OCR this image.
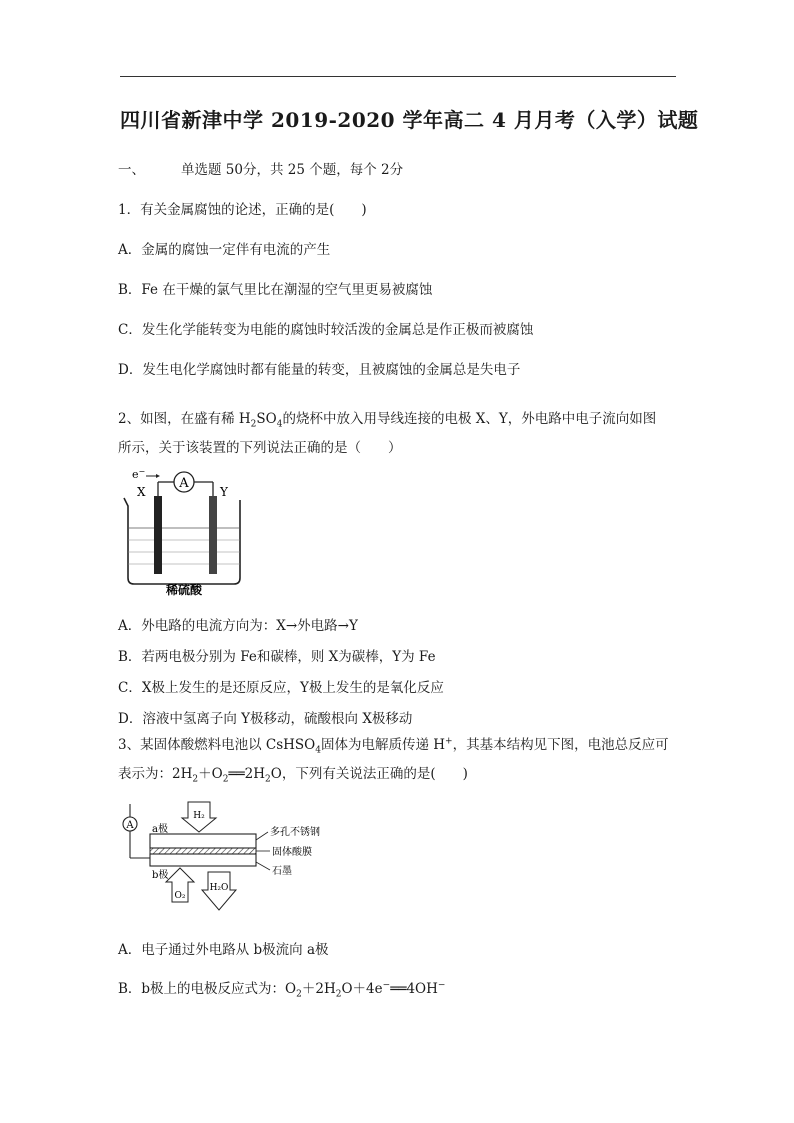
四川省新津中学 2019-2020 学年高二 4 月月考（入学）试题
一、	单选题 50分，共 25 个题，每个 2分
1．有关金属腐蚀的论述，正确的是(　　)
A．金属的腐蚀一定伴有电流的产生
B．Fe 在干燥的氯气里比在潮湿的空气里更易被腐蚀
C．发生化学能转变为电能的腐蚀时较活泼的金属总是作正极而被腐蚀
D．发生电化学腐蚀时都有能量的转变，且被腐蚀的金属总是失电子
2、如图，在盛有稀 $H_2SO_4$的烧杯中放入用导线连接的电极 X、Y，外电路中电子流向如图
所示，关于该装置的下列说法正确的是（　　）
A
e−
X	Y
稀硫酸
A．外电路的电流方向为：X→外电路→Y
B．若两电极分别为 Fe和碳棒，则 X为碳棒，Y为 Fe
C．X极上发生的是还原反应，Y极上发生的是氧化反应
D．溶液中氢离子向 Y极移动，硫酸根向 X极移动
3、某固体酸燃料电池以 CsHSO$_4$固体为电解质传递 H+，其基本结构见下图，电池总反应可
表示为：$2H_2+O_2══2H_2O$，下列有关说法正确的是(　　)
A
H₂
a极
b极
O₂
H₂O
多孔不锈钢
固体酸膜
石墨
A．电子通过外电路从 b极流向 a极
B．b极上的电极反应式为：$O_2+2H_2O+4e^-══4OH^-$
